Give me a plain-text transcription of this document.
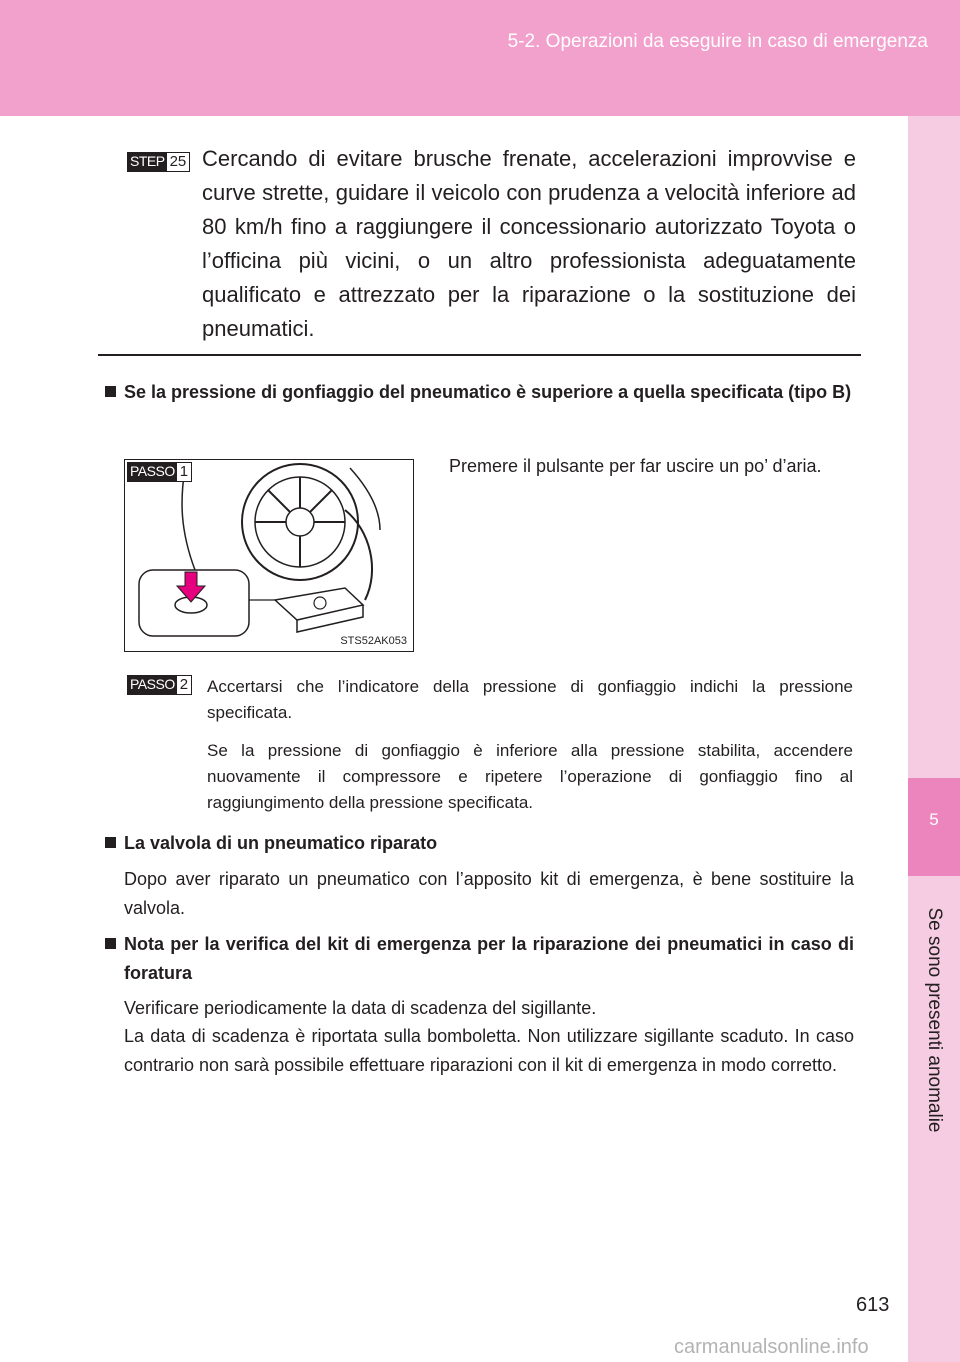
5-2. Operazioni da eseguire in caso di emergenza
5
Se sono presenti anomalie
STEP 25 Cercando di evitare brusche frenate, accelerazioni improvvise e curve strette, guidare il veicolo con prudenza a velocità inferiore ad 80 km/h fino a raggiungere il concessionario autorizzato Toyota o l’officina più vicini, o un altro professionista adeguatamente qualificato e attrezzato per la riparazione o la sostituzione dei pneumatici.
Se la pressione di gonfiaggio del pneumatico è superiore a quella specificata (tipo B)
STS52AK053
PASSO 1	Premere il pulsante per far uscire un po’ d’aria.
PASSO 2 Accertarsi che l’indicatore della pressione di gonfiaggio indichi la pressione specificata.
Se la pressione di gonfiaggio è inferiore alla pressione stabilita, accendere nuovamente il compressore e ripetere l’operazione di gonfiaggio fino al raggiungimento della pressione specificata.
La valvola di un pneumatico riparato
Dopo aver riparato un pneumatico con l’apposito kit di emergenza, è bene sostituire la valvola.
Nota per la verifica del kit di emergenza per la riparazione dei pneumatici in caso di foratura
Verificare periodicamente la data di scadenza del sigillante.
La data di scadenza è riportata sulla bomboletta. Non utilizzare sigillante scaduto. In caso contrario non sarà possibile effettuare riparazioni con il kit di emergenza in modo corretto.
613
carmanualsonline.info
